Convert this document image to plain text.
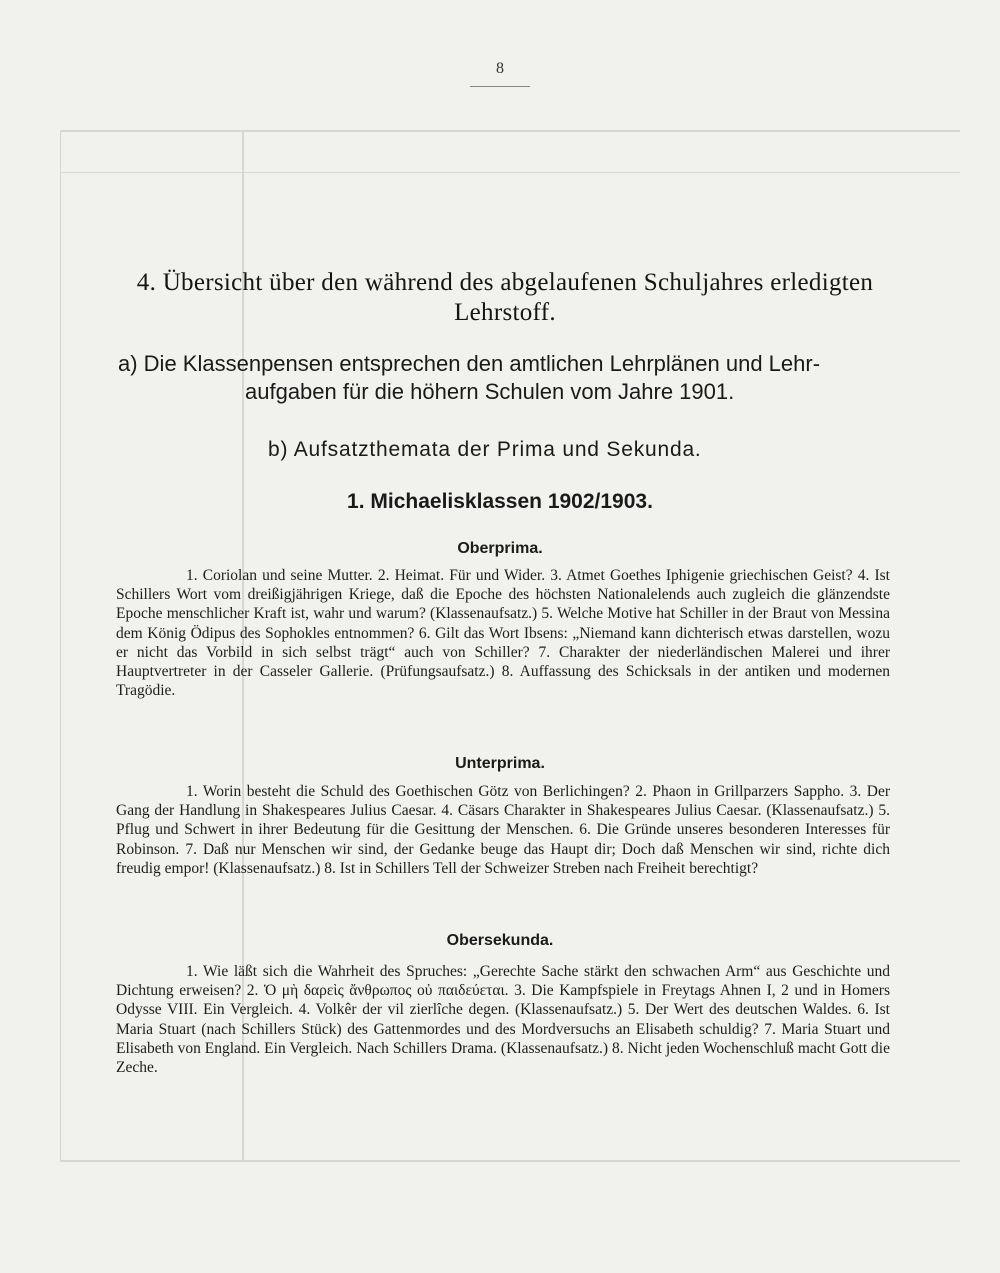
8
4. Übersicht über den während des abgelaufenen Schuljahres erledigten Lehrstoff.
a) Die Klassenpensen entsprechen den amtlichen Lehrplänen und Lehr-
aufgaben für die höhern Schulen vom Jahre 1901.
b) Aufsatzthemata der Prima und Sekunda.
1. Michaelisklassen 1902/1903.
Oberprima.

1. Coriolan und seine Mutter. 2. Heimat. Für und Wider. 3. Atmet Goethes Iphigenie griechischen Geist? 4. Ist Schillers Wort vom dreißigjährigen Kriege, daß die Epoche des höchsten Nationalelends auch zugleich die glänzendste Epoche menschlicher Kraft ist, wahr und warum? (Klassenaufsatz.) 5. Welche Motive hat Schiller in der Braut von Messina dem König Ödipus des Sophokles entnommen? 6. Gilt das Wort Ibsens: „Niemand kann dichterisch etwas darstellen, wozu er nicht das Vorbild in sich selbst trägt“ auch von Schiller? 7. Charakter der niederländischen Malerei und ihrer Hauptvertreter in der Casseler Gallerie. (Prüfungsaufsatz.) 8. Auffassung des Schicksals in der antiken und modernen Tragödie.

Unterprima.

1. Worin besteht die Schuld des Goethischen Götz von Berlichingen? 2. Phaon in Grillparzers Sappho. 3. Der Gang der Handlung in Shakespeares Julius Caesar. 4. Cäsars Charakter in Shakespeares Julius Caesar. (Klassenaufsatz.) 5. Pflug und Schwert in ihrer Bedeutung für die Gesittung der Menschen. 6. Die Gründe unseres besonderen Interesses für Robinson. 7. Daß nur Menschen wir sind, der Gedanke beuge das Haupt dir; Doch daß Menschen wir sind, richte dich freudig empor! (Klassenaufsatz.) 8. Ist in Schillers Tell der Schweizer Streben nach Freiheit berechtigt?

Obersekunda.

1. Wie läßt sich die Wahrheit des Spruches: „Gerechte Sache stärkt den schwachen Arm“ aus Geschichte und Dichtung erweisen? 2. Ὁ μὴ δαρεὶς ἄνθρωπος οὐ παιδεύεται. 3. Die Kampfspiele in Freytags Ahnen I, 2 und in Homers Odysse VIII. Ein Vergleich. 4. Volkêr der vil zierlîche degen. (Klassenaufsatz.) 5. Der Wert des deutschen Waldes. 6. Ist Maria Stuart (nach Schillers Stück) des Gattenmordes und des Mordversuchs an Elisabeth schuldig? 7. Maria Stuart und Elisabeth von England. Ein Vergleich. Nach Schillers Drama. (Klassenaufsatz.) 8. Nicht jeden Wochenschluß macht Gott die Zeche.
